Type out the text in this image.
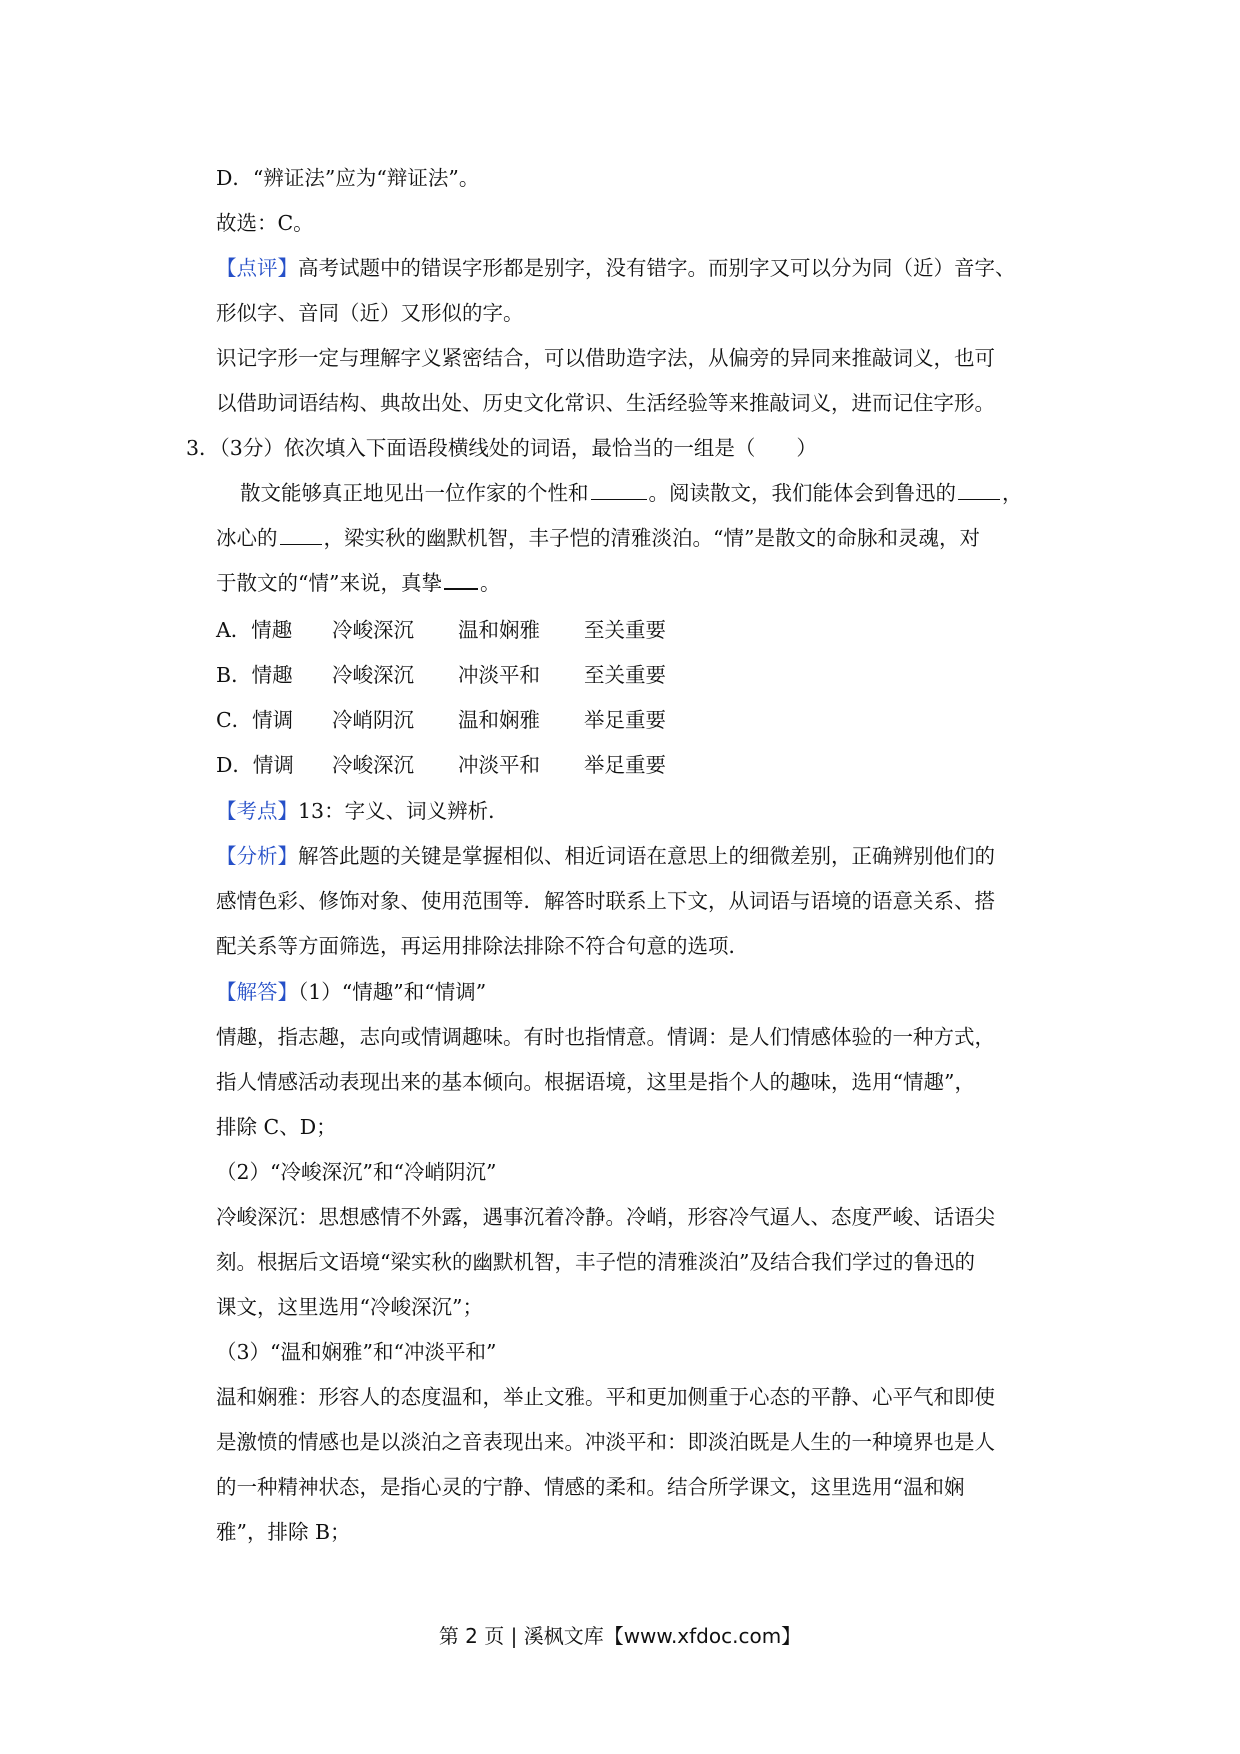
D．“辨证法”应为“辩证法”。
故选：C。
【点评】高考试题中的错误字形都是别字，没有错字。而别字又可以分为同（近）音字、
形似字、音同（近）又形似的字。
识记字形一定与理解字义紧密结合，可以借助造字法，从偏旁的异同来推敲词义，也可
以借助词语结构、典故出处、历史文化常识、生活经验等来推敲词义，进而记住字形。
3．（3分）依次填入下面语段横线处的词语，最恰当的一组是（　　）
散文能够真正地见出一位作家的个性和	。阅读散文，我们能体会到鲁迅的 ，
冰心的 ，梁实秋的幽默机智，丰子恺的清雅淡泊。“情”是散文的命脉和灵魂，对
于散文的“情”来说，真挚 。
A．情趣 冷峻深沉 温和娴雅 至关重要
B．情趣 冷峻深沉 冲淡平和 至关重要
C．情调 冷峭阴沉 温和娴雅 举足重要
D．情调 冷峻深沉 冲淡平和 举足重要
【考点】13：字义、词义辨析．
【分析】解答此题的关键是掌握相似、相近词语在意思上的细微差别，正确辨别他们的
感情色彩、修饰对象、使用范围等．解答时联系上下文，从词语与语境的语意关系、搭
配关系等方面筛选，再运用排除法排除不符合句意的选项．
【解答】（1）“情趣”和“情调”
情趣，指志趣，志向或情调趣味。有时也指情意。情调：是人们情感体验的一种方式，
指人情感活动表现出来的基本倾向。根据语境，这里是指个人的趣味，选用“情趣”，
排除 C、D；
（2）“冷峻深沉”和“冷峭阴沉”
冷峻深沉：思想感情不外露，遇事沉着冷静。冷峭，形容冷气逼人、态度严峻、话语尖
刻。根据后文语境“梁实秋的幽默机智，丰子恺的清雅淡泊”及结合我们学过的鲁迅的
课文，这里选用“冷峻深沉”；
（3）“温和娴雅”和“冲淡平和”
温和娴雅：形容人的态度温和，举止文雅。平和更加侧重于心态的平静、心平气和即使
是激愤的情感也是以淡泊之音表现出来。冲淡平和：即淡泊既是人生的一种境界也是人
的一种精神状态，是指心灵的宁静、情感的柔和。结合所学课文，这里选用“温和娴
雅”，排除 B；
第 2 页 | 溪枫文库【www.xfdoc.com】
